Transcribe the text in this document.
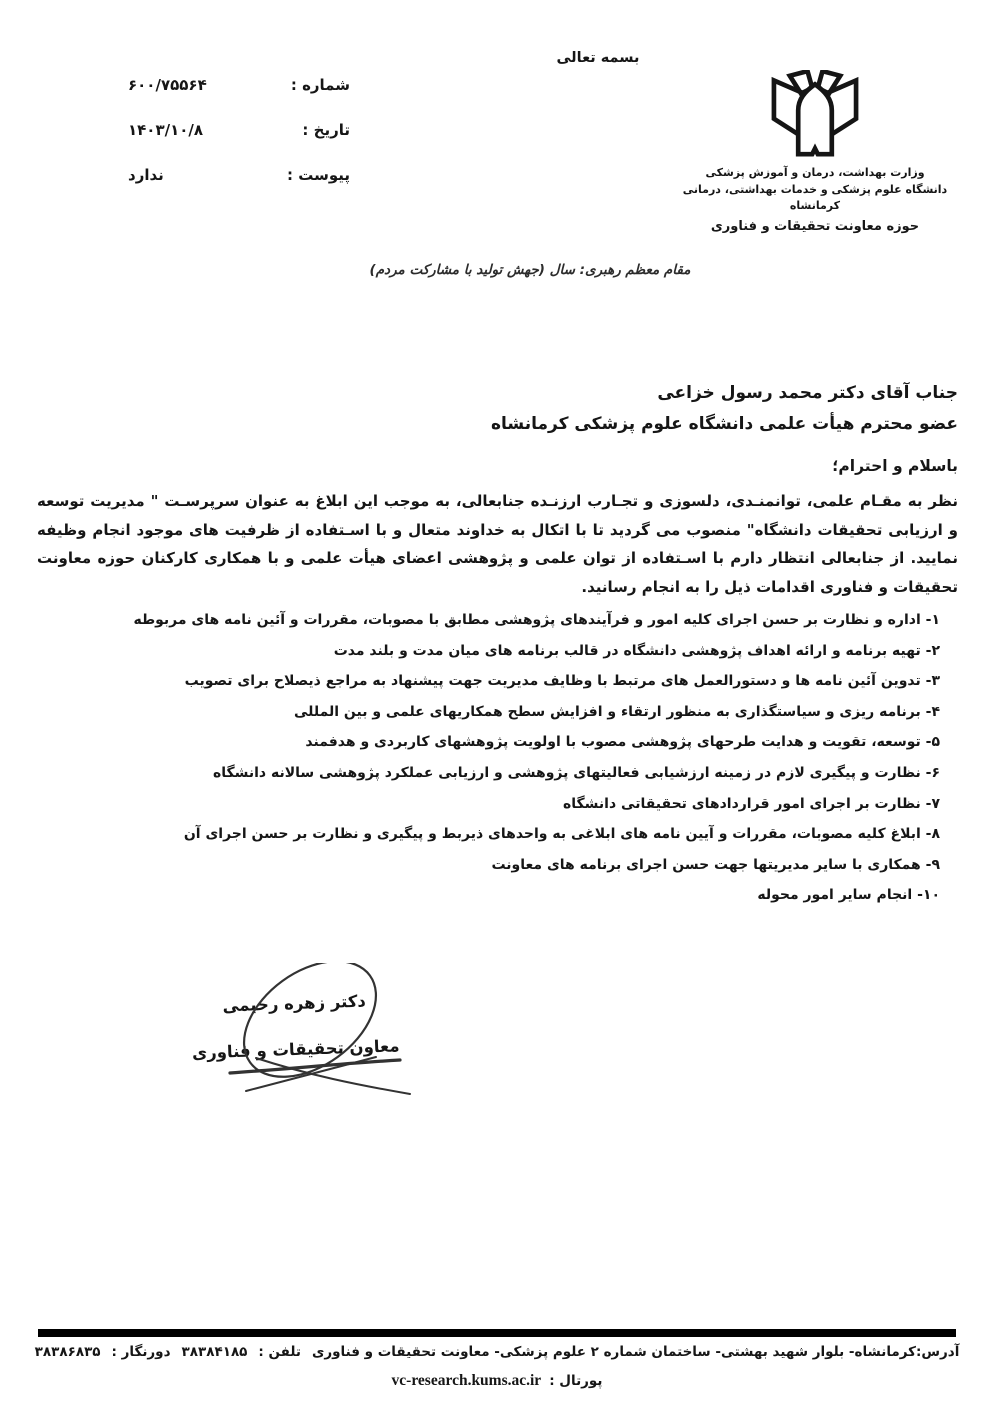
بسمه تعالی
شماره :
۶۰۰/۷۵۵۶۴
تاریخ :
۱۴۰۳/۱۰/۸
پیوست :
ندارد	وزارت بهداشت، درمان و آموزش پزشکی
دانشگاه علوم پزشکی و خدمات بهداشتی، درمانی کرمانشاه
حوزه معاونت تحقیقات و فناوری
مقام معظم رهبری: سال (جهش تولید با مشارکت مردم)
جناب آقای دکتر محمد رسول خزاعی
عضو محترم هیأت علمی دانشگاه علوم پزشکی کرمانشاه
باسلام و احترام؛
نظر به مقـام علمی، توانمنـدی، دلسوزی و تجـارب ارزنـده جنابعالی، به موجب این ابلاغ به عنوان سرپرسـت " مدیریت توسعه و ارزیابی تحقیقات دانشگاه" منصوب می گردید تا با اتکال به خداوند متعال و با اسـتفاده از ظرفیت های موجود انجام وظیفه نمایید. از جنابعالی انتظار دارم با اسـتفاده از توان علمی و پژوهشی اعضای هیأت علمی و با همکاری کارکنان حوزه معاونت تحقیقات و فناوری اقدامات ذیل را به انجام رسانید.
۱- اداره و نظارت بر حسن اجرای کلیه امور و فرآیندهای پژوهشی مطابق با مصوبات، مقررات و آئین نامه های مربوطه
۲- تهیه برنامه و ارائه اهداف پژوهشی دانشگاه در قالب برنامه های میان مدت و بلند مدت
۳- تدوین آئین نامه ها و دستورالعمل های مرتبط با وظایف مدیریت جهت پیشنهاد به مراجع ذیصلاح برای تصویب
۴- برنامه ریزی و سیاستگذاری به منظور ارتقاء و افزایش سطح همکاریهای علمی و بین المللی
۵- توسعه، تقویت و هدایت طرحهای پژوهشی مصوب با اولویت پژوهشهای کاربردی و هدفمند
۶- نظارت و پیگیری لازم در زمینه ارزشیابی فعالیتهای پژوهشی و ارزیابی عملکرد پژوهشی سالانه دانشگاه
۷- نظارت بر اجرای امور قراردادهای تحقیقاتی دانشگاه
۸- ابلاغ کلیه مصوبات، مقررات و آیین نامه های ابلاغی به واحدهای ذیربط و پیگیری و نظارت بر حسن اجرای آن
۹- همکاری با سایر مدیریتها جهت حسن اجرای برنامه های معاونت
۱۰- انجام سایر امور محوله
دکتر زهره رحیمی
معاون تحقیقات و فناوری
آدرس:کرمانشاه- بلوار شهید بهشتی- ساختمان شماره ۲ علوم پزشکی- معاونت تحقیقات و فناوری
تلفن :
۳۸۳۸۴۱۸۵
دورنگار :
۳۸۳۸۶۸۳۵
پورتال :
vc-research.kums.ac.ir
